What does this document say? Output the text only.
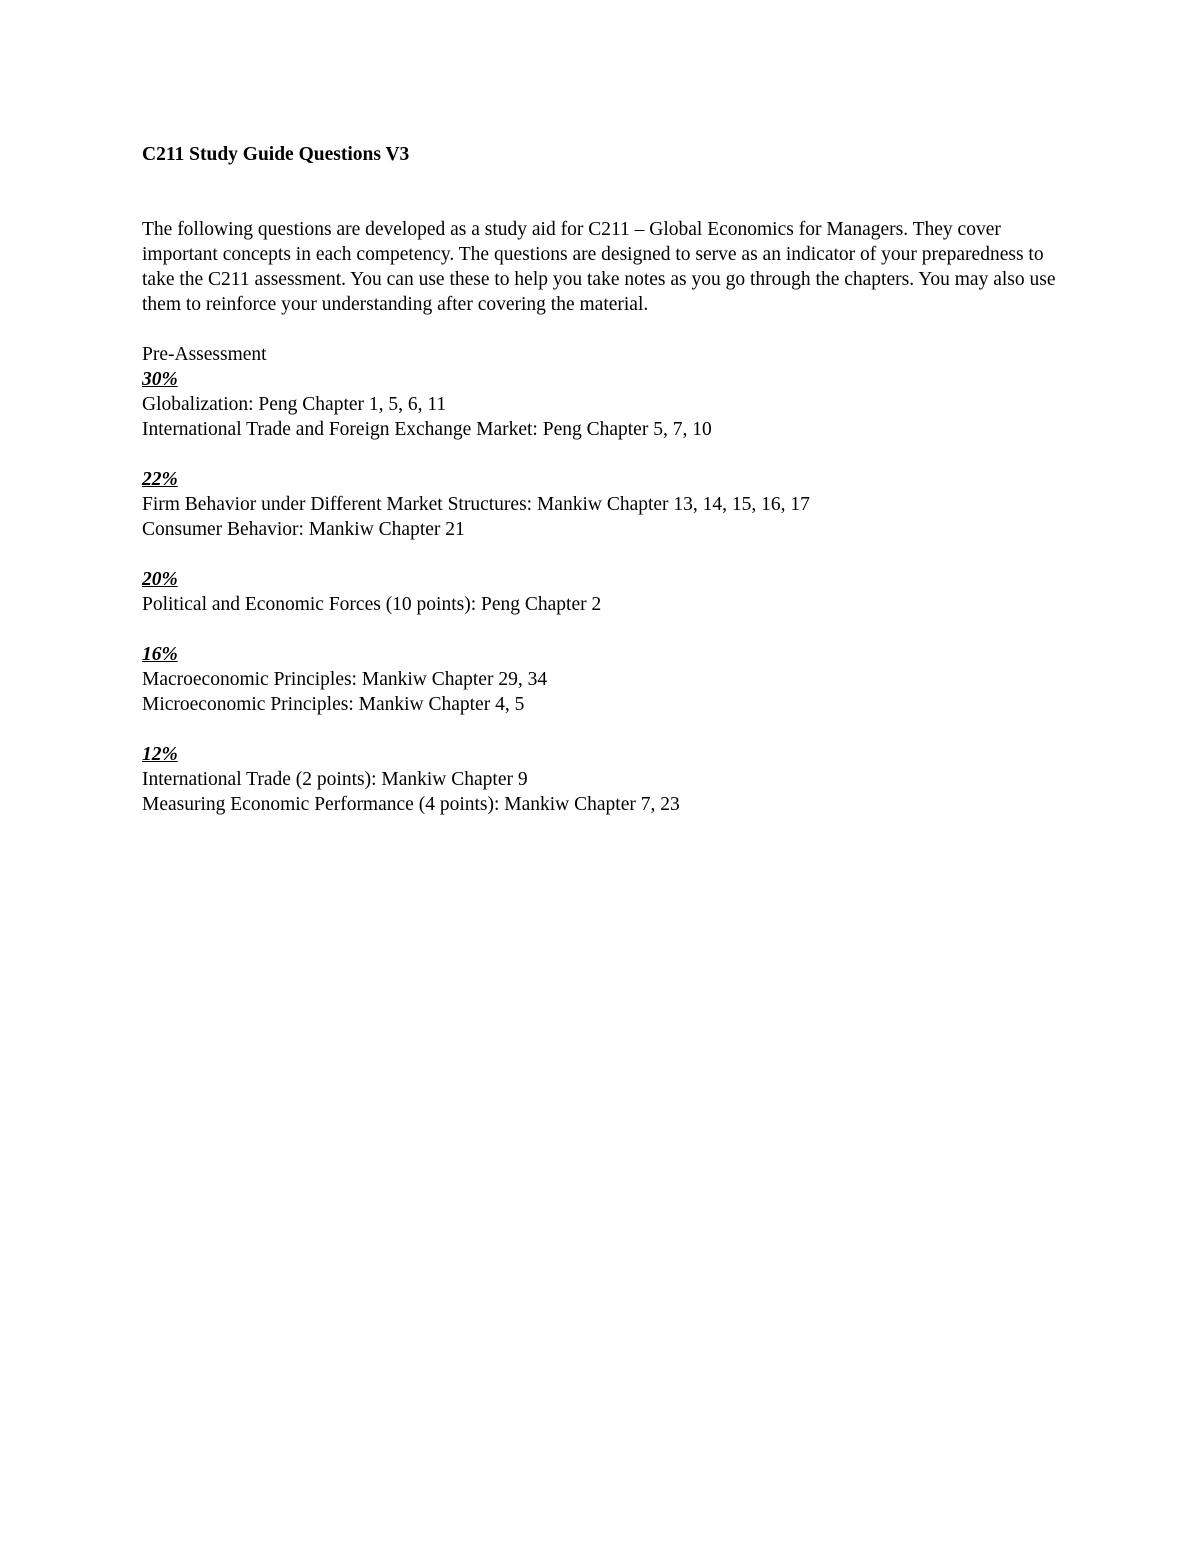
C211 Study Guide Questions V3
The following questions are developed as a study aid for C211 – Global Economics for Managers. They cover important concepts in each competency. The questions are designed to serve as an indicator of your preparedness to take the C211 assessment. You can use these to help you take notes as you go through the chapters. You may also use them to reinforce your understanding after covering the material.
Pre-Assessment
30%
Globalization: Peng Chapter 1, 5, 6, 11
International Trade and Foreign Exchange Market: Peng Chapter 5, 7, 10
22%
Firm Behavior under Different Market Structures: Mankiw Chapter 13, 14, 15, 16, 17
Consumer Behavior: Mankiw Chapter 21
20%
Political and Economic Forces (10 points): Peng Chapter 2
16%
Macroeconomic Principles: Mankiw Chapter 29, 34
Microeconomic Principles: Mankiw Chapter 4, 5
12%
International Trade (2 points): Mankiw Chapter 9
Measuring Economic Performance (4 points): Mankiw Chapter 7, 23
